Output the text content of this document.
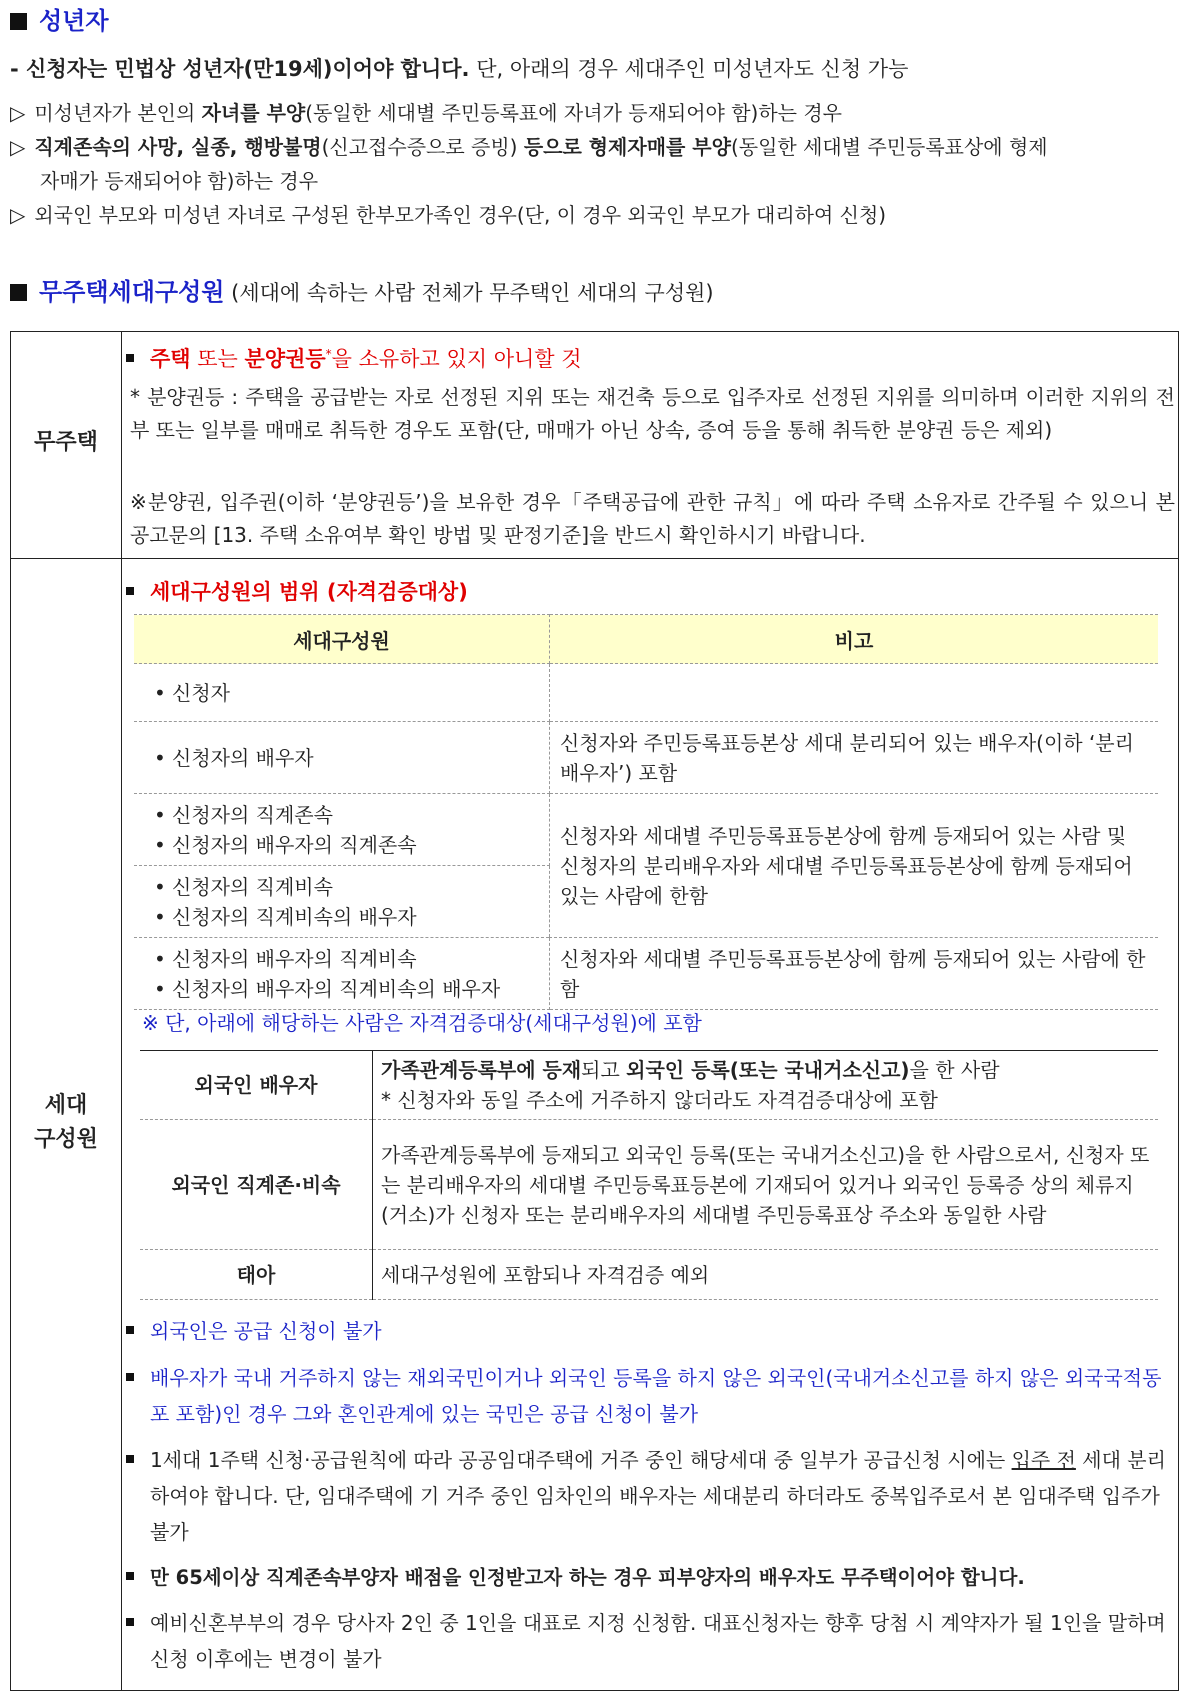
성년자
- 신청자는 민법상 성년자(만19세)이어야 합니다. 단, 아래의 경우 세대주인 미성년자도 신청 가능
▷ 미성년자가 본인의 자녀를 부양(동일한 세대별 주민등록표에 자녀가 등재되어야 함)하는 경우
▷ 직계존속의 사망, 실종, 행방불명(신고접수증으로 증빙) 등으로 형제자매를 부양(동일한 세대별 주민등록표상에 형제
자매가 등재되어야 함)하는 경우
▷ 외국인 부모와 미성년 자녀로 구성된 한부모가족인 경우(단, 이 경우 외국인 부모가 대리하여 신청)
무주택세대구성원 (세대에 속하는 사람 전체가 무주택인 세대의 구성원)
무주택
세대
구성원
주택 또는 분양권등*을 소유하고 있지 아니할 것
* 분양권등 : 주택을 공급받는 자로 선정된 지위 또는 재건축 등으로 입주자로 선정된 지위를 의미하며 이러한 지위의 전부 또는 일부를 매매로 취득한 경우도 포함(단, 매매가 아닌 상속, 증여 등을 통해 취득한 분양권 등은 제외)
※분양권, 입주권(이하 ‘분양권등’)을 보유한 경우「주택공급에 관한 규칙」에 따라 주택 소유자로 간주될 수 있으니 본 공고문의 [13. 주택 소유여부 확인 방법 및 판정기준]을 반드시 확인하시기 바랍니다.
세대구성원의 범위 (자격검증대상)
세대구성원	비고
• 신청자	
• 신청자의 배우자	신청자와 주민등록표등본상 세대 분리되어 있는 배우자(이하 ‘분리배우자’) 포함

• 신청자의 직계존속
• 신청자의 배우자의 직계존속	신청자와 세대별 주민등록표등본상에 함께 등재되어 있는 사람 및 신청자의 분리배우자와 세대별 주민등록표등본상에 함께 등재되어 있는 사람에 한함

• 신청자의 직계비속
• 신청자의 직계비속의 배우자	

• 신청자의 배우자의 직계비속
• 신청자의 배우자의 직계비속의 배우자	신청자와 세대별 주민등록표등본상에 함께 등재되어 있는 사람에 한함
※ 단, 아래에 해당하는 사람은 자격검증대상(세대구성원)에 포함
외국인 배우자	가족관계등록부에 등재되고 외국인 등록(또는 국내거소신고)을 한 사람
* 신청자와 동일 주소에 거주하지 않더라도 자격검증대상에 포함

외국인 직계존·비속	가족관계등록부에 등재되고 외국인 등록(또는 국내거소신고)을 한 사람으로서, 신청자 또는 분리배우자의 세대별 주민등록표등본에 기재되어 있거나 외국인 등록증 상의 체류지(거소)가 신청자 또는 분리배우자의 세대별 주민등록표상 주소와 동일한 사람
태아	세대구성원에 포함되나 자격검증 예외
외국인은 공급 신청이 불가
배우자가 국내 거주하지 않는 재외국민이거나 외국인 등록을 하지 않은 외국인(국내거소신고를 하지 않은 외국국적동포 포함)인 경우 그와 혼인관계에 있는 국민은 공급 신청이 불가
1세대 1주택 신청·공급원칙에 따라 공공임대주택에 거주 중인 해당세대 중 일부가 공급신청 시에는 입주 전 세대 분리하여야 합니다. 단, 임대주택에 기 거주 중인 임차인의 배우자는 세대분리 하더라도 중복입주로서 본 임대주택 입주가 불가
만 65세이상 직계존속부양자 배점을 인정받고자 하는 경우 피부양자의 배우자도 무주택이어야 합니다.
예비신혼부부의 경우 당사자 2인 중 1인을 대표로 지정 신청함. 대표신청자는 향후 당첨 시 계약자가 될 1인을 말하며 신청 이후에는 변경이 불가
